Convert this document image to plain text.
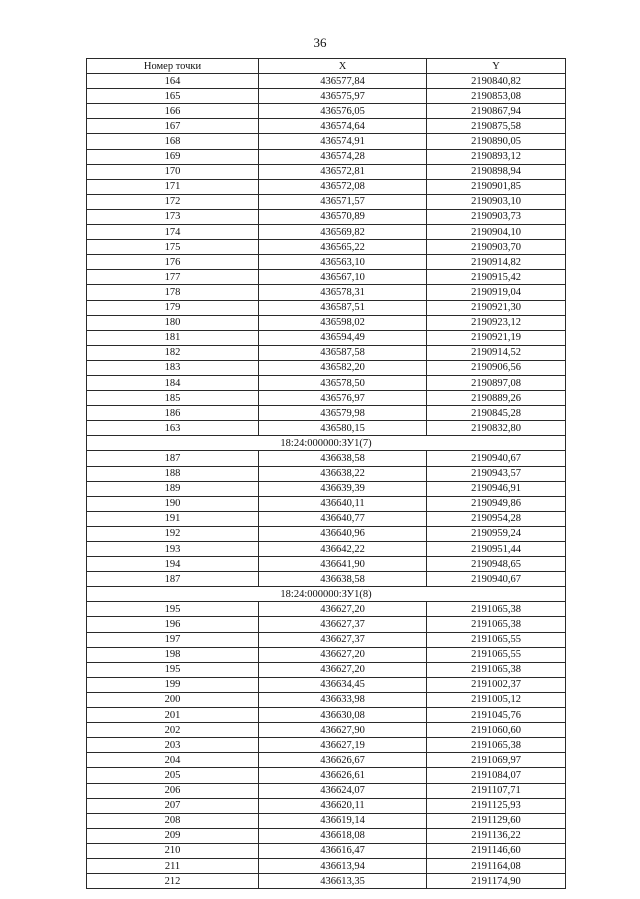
36
Номер точки	X	Y
164	436577,84	2190840,82
165	436575,97	2190853,08
166	436576,05	2190867,94
167	436574,64	2190875,58
168	436574,91	2190890,05
169	436574,28	2190893,12
170	436572,81	2190898,94
171	436572,08	2190901,85
172	436571,57	2190903,10
173	436570,89	2190903,73
174	436569,82	2190904,10
175	436565,22	2190903,70
176	436563,10	2190914,82
177	436567,10	2190915,42
178	436578,31	2190919,04
179	436587,51	2190921,30
180	436598,02	2190923,12
181	436594,49	2190921,19
182	436587,58	2190914,52
183	436582,20	2190906,56
184	436578,50	2190897,08
185	436576,97	2190889,26
186	436579,98	2190845,28
163	436580,15	2190832,80
18:24:000000:ЗУ1(7)		
187	436638,58	2190940,67
188	436638,22	2190943,57
189	436639,39	2190946,91
190	436640,11	2190949,86
191	436640,77	2190954,28
192	436640,96	2190959,24
193	436642,22	2190951,44
194	436641,90	2190948,65
187	436638,58	2190940,67
18:24:000000:ЗУ1(8)		
195	436627,20	2191065,38
196	436627,37	2191065,38
197	436627,37	2191065,55
198	436627,20	2191065,55
195	436627,20	2191065,38
199	436634,45	2191002,37
200	436633,98	2191005,12
201	436630,08	2191045,76
202	436627,90	2191060,60
203	436627,19	2191065,38
204	436626,67	2191069,97
205	436626,61	2191084,07
206	436624,07	2191107,71
207	436620,11	2191125,93
208	436619,14	2191129,60
209	436618,08	2191136,22
210	436616,47	2191146,60
211	436613,94	2191164,08
212	436613,35	2191174,90
